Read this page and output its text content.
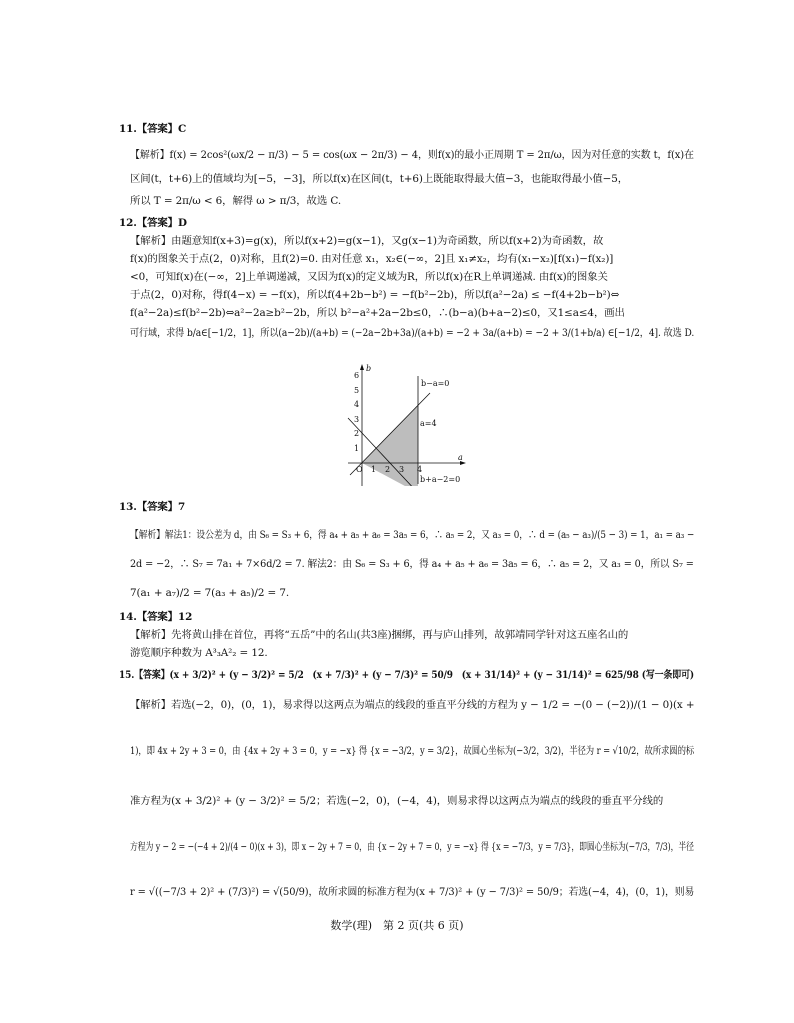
11.【答案】C
【解析】f(x) = 2cos²(ωx/2 − π/3) − 5 = cos(ωx − 2π/3) − 4，则f(x)的最小正周期 T = 2π/ω，因为对任意的实数 t，f(x)在
区间(t，t+6)上的值域均为[−5，−3]，所以f(x)在区间(t，t+6)上既能取得最大值−3，也能取得最小值−5，
所以 T = 2π/ω < 6，解得 ω > π/3，故选 C.
12.【答案】D
【解析】由题意知f(x+3)=g(x)，所以f(x+2)=g(x−1)，又g(x−1)为奇函数，所以f(x+2)为奇函数，故
f(x)的图象关于点(2，0)对称，且f(2)=0. 由对任意 x₁，x₂∈(−∞，2]且 x₁≠x₂，均有(x₁−x₂)[f(x₁)−f(x₂)]
<0，可知f(x)在(−∞，2]上单调递减，又因为f(x)的定义域为R，所以f(x)在R上单调递减. 由f(x)的图象关
于点(2，0)对称，得f(4−x) = −f(x)，所以f(4+2b−b²) = −f(b²−2b)，所以f(a²−2a) ≤ −f(4+2b−b²)⇔
f(a²−2a)≤f(b²−2b)⇔a²−2a≥b²−2b，所以 b²−a²+2a−2b≤0，∴(b−a)(b+a−2)≤0，又1≤a≤4，画出
可行域，求得 b/a∈[−1/2，1]，所以(a−2b)/(a+b) = (−2a−2b+3a)/(a+b) = −2 + 3a/(a+b) = −2 + 3/(1+b/a) ∈[−1/2，4]. 故选 D.
13.【答案】7
【解析】解法1：设公差为 d，由 S₆ = S₃ + 6，得 a₄ + a₅ + a₆ = 3a₅ = 6，∴ a₅ = 2，又 a₃ = 0，∴ d = (a₅ − a₃)/(5 − 3) = 1，a₁ = a₃ −
2d = −2，∴ S₇ = 7a₁ + 7×6d/2 = 7. 解法2：由 S₆ = S₃ + 6，得 a₄ + a₅ + a₆ = 3a₅ = 6，∴ a₅ = 2，又 a₃ = 0，所以 S₇ =
7(a₁ + a₇)/2 = 7(a₃ + a₅)/2 = 7.
14.【答案】12
【解析】先将黄山排在首位，再将“五岳”中的名山(共3座)捆绑，再与庐山排列，故郭靖同学针对这五座名山的
游览顺序种数为 A³₃A²₂ = 12.
15.【答案】(x + 3/2)² + (y − 3/2)² = 5/2　(x + 7/3)² + (y − 7/3)² = 50/9　(x + 31/14)² + (y − 31/14)² = 625/98 (写一条即可)
【解析】若选(−2，0)，(0，1)，易求得以这两点为端点的线段的垂直平分线的方程为 y − 1/2 = −(0 − (−2))/(1 − 0)(x +
1)，即 4x + 2y + 3 = 0，由 {4x + 2y + 3 = 0，y = −x} 得 {x = −3/2，y = 3/2}，故圆心坐标为(−3/2，3/2)，半径为 r = √10/2，故所求圆的标
准方程为(x + 3/2)² + (y − 3/2)² = 5/2；若选(−2，0)，(−4，4)，则易求得以这两点为端点的线段的垂直平分线的
方程为 y − 2 = −(−4 + 2)/(4 − 0)(x + 3)，即 x − 2y + 7 = 0，由 {x − 2y + 7 = 0，y = −x} 得 {x = −7/3，y = 7/3}，即圆心坐标为(−7/3，7/3)，半径
r = √((−7/3 + 2)² + (7/3)²) = √(50/9)，故所求圆的标准方程为(x + 7/3)² + (y − 7/3)² = 50/9；若选(−4，4)，(0，1)，则易
O 1 2 3 4
1
2
3
4
5
6
b
a
b−a=0
a=4
b+a−2=0
数学(理)　第 2 页(共 6 页)
